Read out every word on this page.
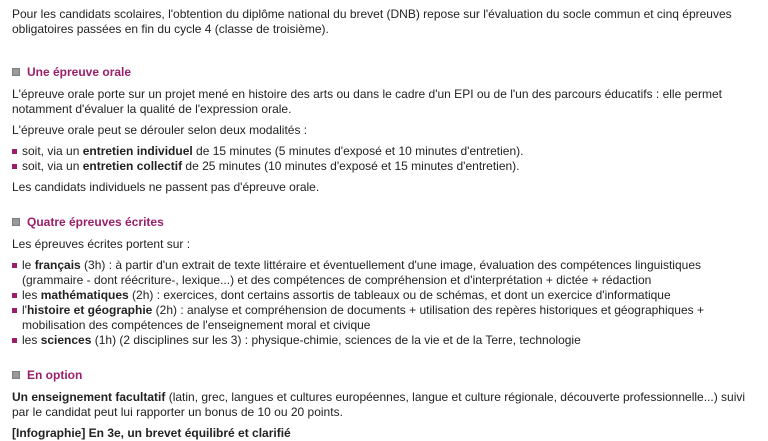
Pour les candidats scolaires, l'obtention du diplôme national du brevet (DNB) repose sur l'évaluation du socle commun et cinq épreuves obligatoires passées en fin du cycle 4 (classe de troisième).

Une épreuve orale

L'épreuve orale porte sur un projet mené en histoire des arts ou dans le cadre d'un EPI ou de l'un des parcours éducatifs : elle permet notamment d'évaluer la qualité de l'expression orale.

L'épreuve orale peut se dérouler selon deux modalités :

soit, via un entretien individuel de 15 minutes (5 minutes d'exposé et 10 minutes d'entretien).
soit, via un entretien collectif de 25 minutes (10 minutes d'exposé et 15 minutes d'entretien).

Les candidats individuels ne passent pas d'épreuve orale.

Quatre épreuves écrites

Les épreuves écrites portent sur :

le français (3h) : à partir d'un extrait de texte littéraire et éventuellement d'une image, évaluation des compétences linguistiques (grammaire - dont réécriture-, lexique...) et des compétences de compréhension et d'interprétation + dictée + rédaction
les mathématiques (2h) : exercices, dont certains assortis de tableaux ou de schémas, et dont un exercice d'informatique
l'histoire et géographie (2h) : analyse et compréhension de documents + utilisation des repères historiques et géographiques + mobilisation des compétences de l'enseignement moral et civique
les sciences (1h) (2 disciplines sur les 3) : physique-chimie, sciences de la vie et de la Terre, technologie
En option

Un enseignement facultatif (latin, grec, langues et cultures européennes, langue et culture régionale, découverte professionnelle...) suivi par le candidat peut lui rapporter un bonus de 10 ou 20 points.

[Infographie] En 3e, un brevet équilibré et clarifié
